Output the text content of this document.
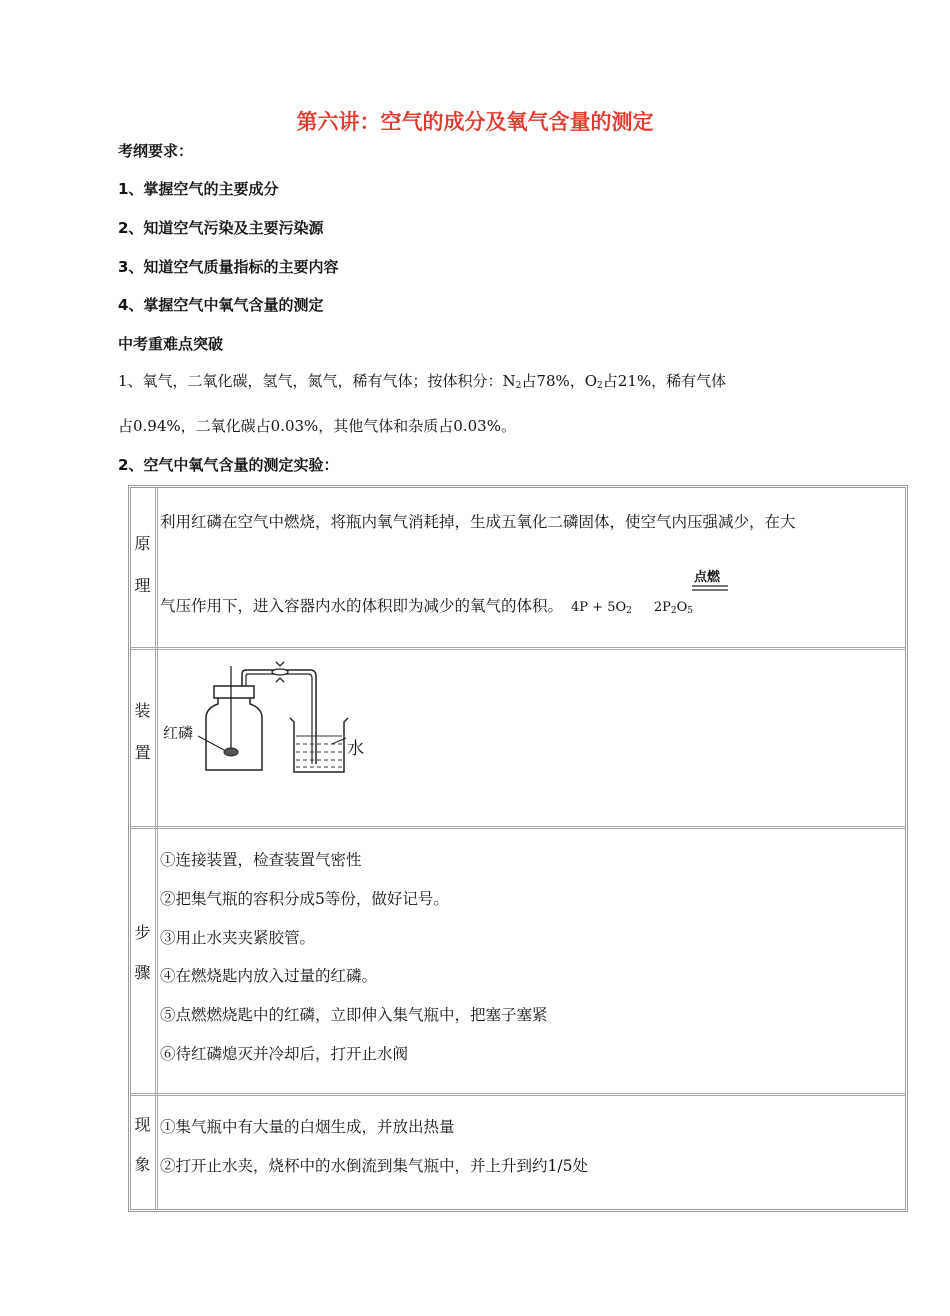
第六讲：空气的成分及氧气含量的测定
考纲要求：
1、掌握空气的主要成分
2、知道空气污染及主要污染源
3、知道空气质量指标的主要内容
4、掌握空气中氧气含量的测定
中考重难点突破
1、氧气，二氧化碳，氢气，氮气，稀有气体；按体积分：$N_2$占78%，$O_2$占21%，稀有气体
占0.94%，二氧化碳占0.03%，其他气体和杂质占0.03%。
2、空气中氧气含量的测定实验：
原
理
利用红磷在空气中燃烧，将瓶内氧气消耗掉，生成五氧化二磷固体，使空气内压强减少，在大
气压作用下，进入容器内水的体积即为减少的氧气的体积。 $4P + 5O_2$ $2P_2O_5$
点燃
装
置
红磷
水
步
骤
①连接装置，检查装置气密性
②把集气瓶的容积分成5等份，做好记号。
③用止水夹夹紧胶管。
④在燃烧匙内放入过量的红磷。
⑤点燃燃烧匙中的红磷，立即伸入集气瓶中，把塞子塞紧
⑥待红磷熄灭并冷却后，打开止水阀
现
象
①集气瓶中有大量的白烟生成，并放出热量
②打开止水夹，烧杯中的水倒流到集气瓶中，并上升到约1/5处
